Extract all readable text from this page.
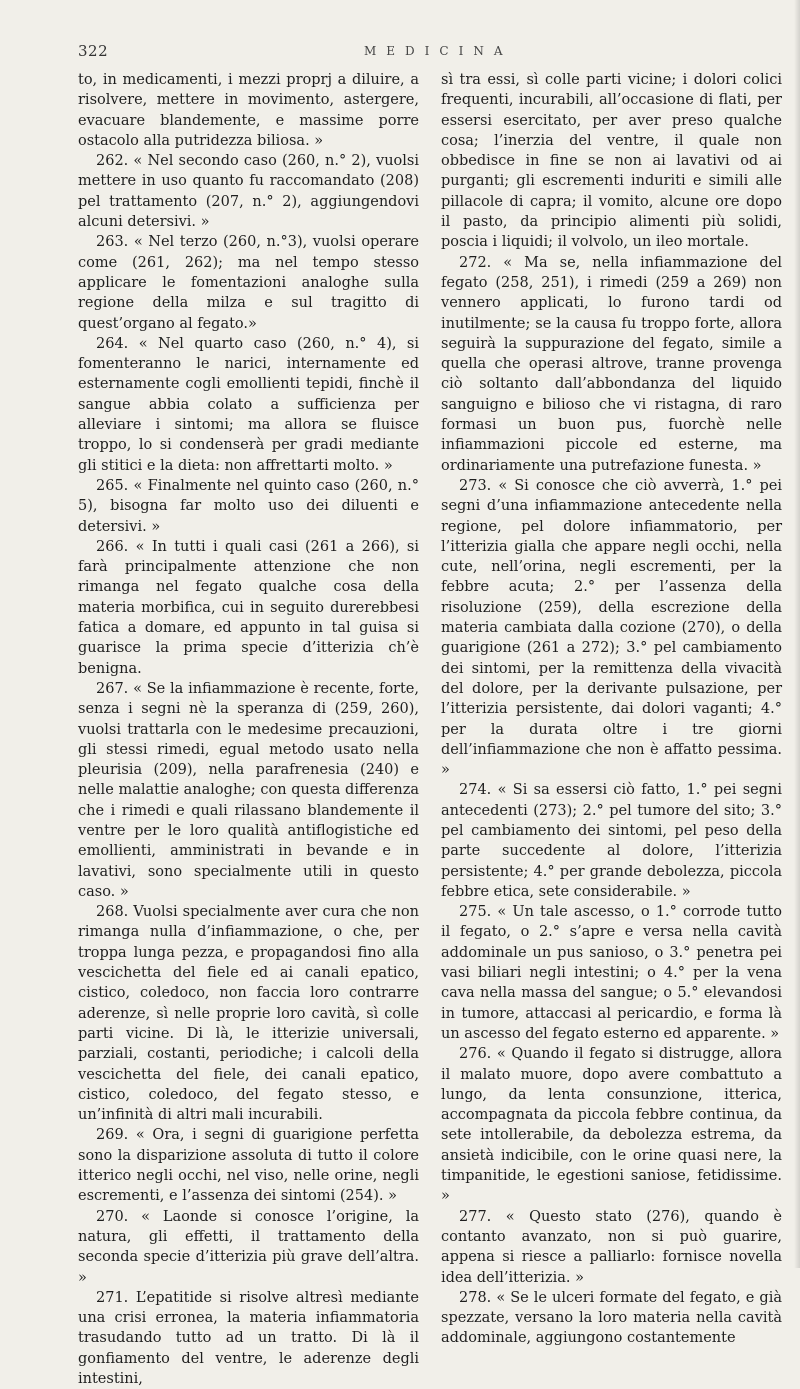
322	MEDICINA

to, in medicamenti, i mezzi proprj a diluire, a risolvere, mettere in movimento, astergere, evacuare blandemente, e massime porre ostacolo alla putridezza biliosa. »

262. « Nel secondo caso (260, n.° 2), vuolsi mettere in uso quanto fu raccomandato (208) pel trattamento (207, n.° 2), aggiungendovi alcuni detersivi. »

263. « Nel terzo (260, n.°3), vuolsi operare come (261, 262); ma nel tempo stesso applicare le fomentazioni analoghe sulla regione della milza e sul tragitto di quest’organo al fegato.»

264. « Nel quarto caso (260, n.° 4), si fomenteranno le narici, internamente ed esternamente cogli emollienti tepidi, finchè il sangue abbia colato a sufficienza per alleviare i sintomi; ma allora se fluisce troppo, lo si condenserà per gradi mediante gli stitici e la dieta: non affrettarti molto. »

265. « Finalmente nel quinto caso (260, n.° 5), bisogna far molto uso dei diluenti e detersivi. »

266. « In tutti i quali casi (261 a 266), si farà principalmente attenzione che non rimanga nel fegato qualche cosa della materia morbifica, cui in seguito durerebbesi fatica a domare, ed appunto in tal guisa si guarisce la prima specie d’itterizia ch’è benigna.

267. « Se la infiammazione è recente, forte, senza i segni nè la speranza di (259, 260), vuolsi trattarla con le medesime precauzioni, gli stessi rimedi, egual metodo usato nella pleurisia (209), nella parafrenesia (240) e nelle malattie analoghe; con questa differenza che i rimedi e quali rilassano blandemente il ventre per le loro qualità antiflogistiche ed emollienti, amministrati in bevande e in lavativi, sono specialmente utili in questo caso. »

268. Vuolsi specialmente aver cura che non rimanga nulla d’infiammazione, o che, per troppa lunga pezza, e propagandosi fino alla vescichetta del fiele ed ai canali epatico, cistico, coledoco, non faccia loro contrarre aderenze, sì nelle proprie loro cavità, sì colle parti vicine. Di là, le itterizie universali, parziali, costanti, periodiche; i calcoli della vescichetta del fiele, dei canali epatico, cistico, coledoco, del fegato stesso, e un’infinità di altri mali incurabili.

269. « Ora, i segni di guarigione perfetta sono la disparizione assoluta di tutto il colore itterico negli occhi, nel viso, nelle orine, negli escrementi, e l’assenza dei sintomi (254). »

270. « Laonde si conosce l’origine, la natura, gli effetti, il trattamento della seconda specie d’itterizia più grave dell’altra. »

271. L’epatitide si risolve altresì mediante una crisi erronea, la materia infiammatoria trasudando tutto ad un tratto. Di là il gonfiamento del ventre, le aderenze degli intestini,

sì tra essi, sì colle parti vicine; i dolori colici frequenti, incurabili, all’occasione di flati, per essersi esercitato, per aver preso qualche cosa; l’inerzia del ventre, il quale non obbedisce in fine se non ai lavativi od ai purganti; gli escrementi induriti e simili alle pillacole di capra; il vomito, alcune ore dopo il pasto, da principio alimenti più solidi, poscia i liquidi; il volvolo, un ileo mortale.

272. « Ma se, nella infiammazione del fegato (258, 251), i rimedi (259 a 269) non vennero applicati, lo furono tardi od inutilmente; se la causa fu troppo forte, allora seguirà la suppurazione del fegato, simile a quella che operasi altrove, tranne provenga ciò soltanto dall’abbondanza del liquido sanguigno e bilioso che vi ristagna, di raro formasi un buon pus, fuorchè nelle infiammazioni piccole ed esterne, ma ordinariamente una putrefazione funesta. »

273. « Si conosce che ciò avverrà, 1.° pei segni d’una infiammazione antecedente nella regione, pel dolore infiammatorio, per l’itterizia gialla che appare negli occhi, nella cute, nell’orina, negli escrementi, per la febbre acuta; 2.° per l’assenza della risoluzione (259), della escrezione della materia cambiata dalla cozione (270), o della guarigione (261 a 272); 3.° pel cambiamento dei sintomi, per la remittenza della vivacità del dolore, per la derivante pulsazione, per l’itterizia persistente, dai dolori vaganti; 4.° per la durata oltre i tre giorni dell’infiammazione che non è affatto pessima. »

274. « Si sa essersi ciò fatto, 1.° pei segni antecedenti (273); 2.° pel tumore del sito; 3.° pel cambiamento dei sintomi, pel peso della parte succedente al dolore, l’itterizia persistente; 4.° per grande debolezza, piccola febbre etica, sete considerabile. »

275. « Un tale ascesso, o 1.° corrode tutto il fegato, o 2.° s’apre e versa nella cavità addominale un pus sanioso, o 3.° penetra pei vasi biliari negli intestini; o 4.° per la vena cava nella massa del sangue; o 5.° elevandosi in tumore, attaccasi al pericardio, e forma là un ascesso del fegato esterno ed apparente. »

276. « Quando il fegato si distrugge, allora il malato muore, dopo avere combattuto a lungo, da lenta consunzione, itterica, accompagnata da piccola febbre continua, da sete intollerabile, da debolezza estrema, da ansietà indicibile, con le orine quasi nere, la timpanitide, le egestioni saniose, fetidissime. »

277. « Questo stato (276), quando è contanto avanzato, non si può guarire, appena si riesce a palliarlo: fornisce novella idea dell’itterizia. »

278. « Se le ulceri formate del fegato, e già spezzate, versano la loro materia nella cavità addominale, aggiungono costantemente
